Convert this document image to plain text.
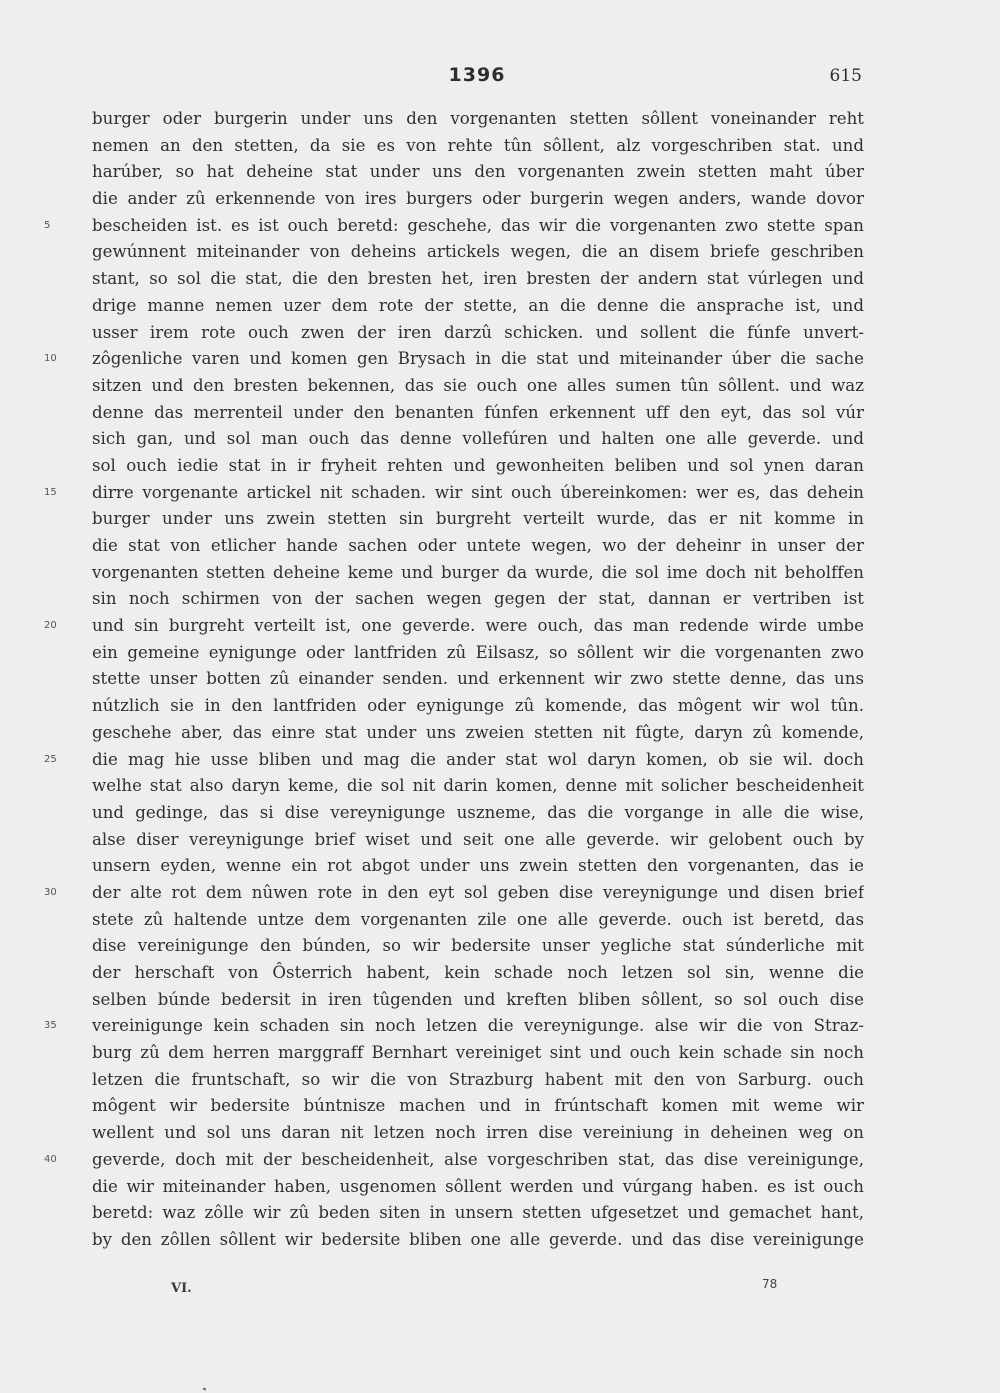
1396	615
burger oder burgerin under uns den vorgenanten stetten sôllent voneinander reht
nemen an den stetten, da sie es von rehte tûn sôllent, alz vorgeschriben stat. und
harúber, so hat deheine stat under uns den vorgenanten zwein stetten maht úber
die ander zû erkennende von ires burgers oder burgerin wegen anders, wande dovor
5	bescheiden ist. es ist ouch beretd: geschehe, das wir die vorgenanten zwo stette span
gewúnnent miteinander von deheins artickels wegen, die an disem briefe geschriben
stant, so sol die stat, die den bresten het, iren bresten der andern stat vúrlegen und
drige manne nemen uzer dem rote der stette, an die denne die ansprache ist, und
usser irem rote ouch zwen der iren darzû schicken. und sollent die fúnfe unvert-
10	zôgenliche varen und komen gen Brysach in die stat und miteinander úber die sache
sitzen und den bresten bekennen, das sie ouch one alles sumen tûn sôllent. und waz
denne das merrenteil under den benanten fúnfen erkennent uff den eyt, das sol vúr
sich gan, und sol man ouch das denne vollefúren und halten one alle geverde. und
sol ouch iedie stat in ir fryheit rehten und gewonheiten beliben und sol ynen daran
15	dirre vorgenante artickel nit schaden. wir sint ouch úbereinkomen: wer es, das dehein
burger under uns zwein stetten sin burgreht verteilt wurde, das er nit komme in
die stat von etlicher hande sachen oder untete wegen, wo der deheinr in unser der
vorgenanten stetten deheine keme und burger da wurde, die sol ime doch nit beholffen
sin noch schirmen von der sachen wegen gegen der stat, dannan er vertriben ist
20	und sin burgreht verteilt ist, one geverde. were ouch, das man redende wirde umbe
ein gemeine eynigunge oder lantfriden zû Eilsasz, so sôllent wir die vorgenanten zwo
stette unser botten zû einander senden. und erkennent wir zwo stette denne, das uns
nútzlich sie in den lantfriden oder eynigunge zû komende, das môgent wir wol tûn.
geschehe aber, das einre stat under uns zweien stetten nit fûgte, daryn zû komende,
25	die mag hie usse bliben und mag die ander stat wol daryn komen, ob sie wil. doch
welhe stat also daryn keme, die sol nit darin komen, denne mit solicher bescheidenheit
und gedinge, das si dise vereynigunge uszneme, das die vorgange in alle die wise,
alse diser vereynigunge brief wiset und seit one alle geverde. wir gelobent ouch by
unsern eyden, wenne ein rot abgot under uns zwein stetten den vorgenanten, das ie
30	der alte rot dem nûwen rote in den eyt sol geben dise vereynigunge und disen brief
stete zû haltende untze dem vorgenanten zile one alle geverde. ouch ist beretd, das
dise vereinigunge den búnden, so wir bedersite unser yegliche stat súnderliche mit
der herschaft von Ôsterrich habent, kein schade noch letzen sol sin, wenne die
selben búnde bedersit in iren tûgenden und kreften bliben sôllent, so sol ouch dise
35	vereinigunge kein schaden sin noch letzen die vereynigunge. alse wir die von Straz-
burg zû dem herren marggraff Bernhart vereiniget sint und ouch kein schade sin noch
letzen die fruntschaft, so wir die von Strazburg habent mit den von Sarburg. ouch
môgent wir bedersite búntnisze machen und in frúntschaft komen mit weme wir
wellent und sol uns daran nit letzen noch irren dise vereiniung in deheinen weg on
40	geverde, doch mit der bescheidenheit, alse vorgeschriben stat, das dise vereinigunge,
die wir miteinander haben, usgenomen sôllent werden und vúrgang haben. es ist ouch
beretd: waz zôlle wir zû beden siten in unsern stetten ufgesetzet und gemachet hant,
by den zôllen sôllent wir bedersite bliben one alle geverde. und das dise vereinigunge
VI.	78
